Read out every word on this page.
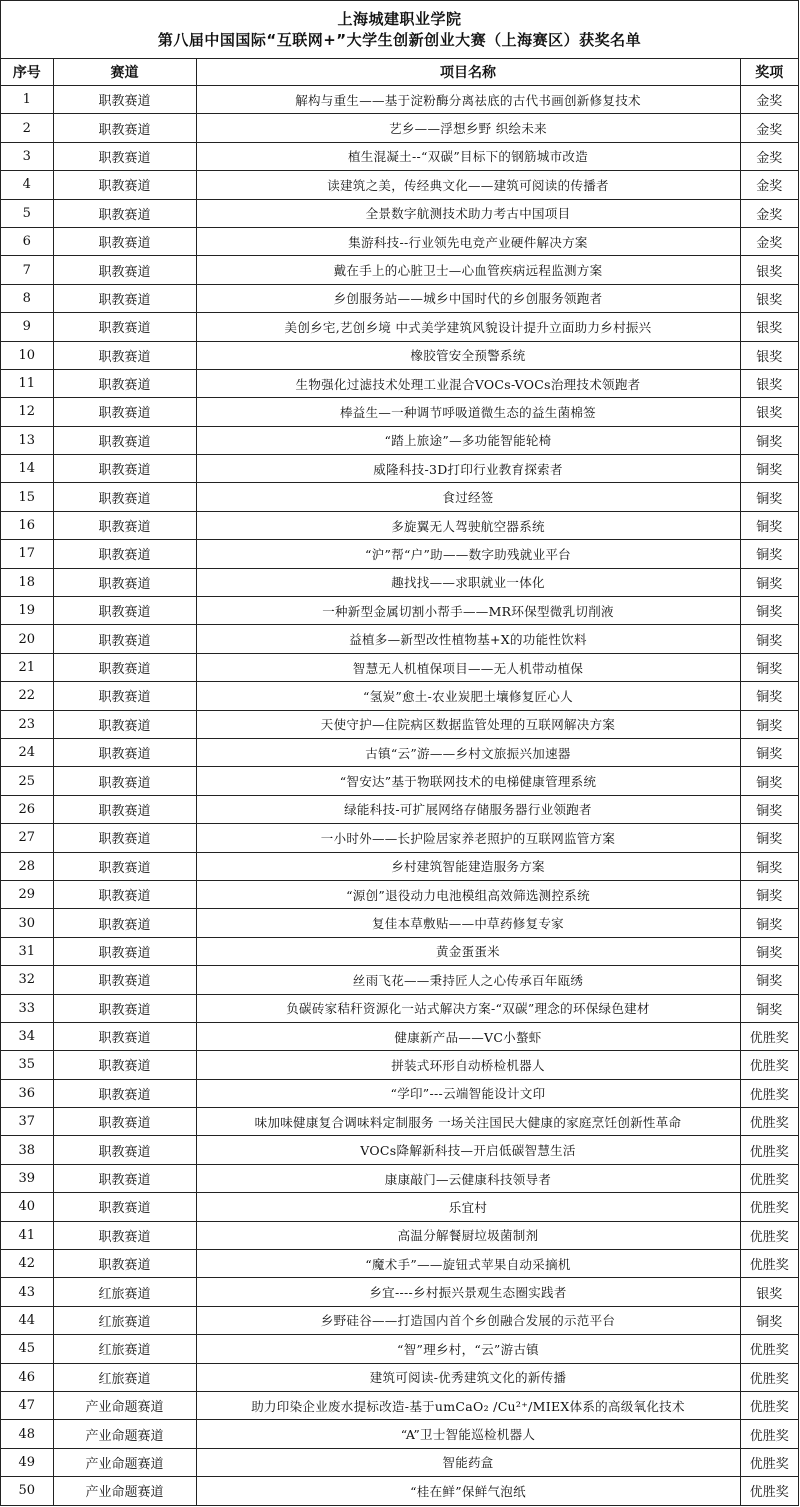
上海城建职业学院
第八届中国国际“互联网+”大学生创新创业大赛（上海赛区）获奖名单
序号	赛道	项目名称	奖项
1	职教赛道	解构与重生——基于淀粉酶分离祛底的古代书画创新修复技术	金奖
2	职教赛道	艺乡——浮想乡野 织绘未来	金奖
3	职教赛道	植生混凝土--“双碳”目标下的钢筋城市改造	金奖
4	职教赛道	读建筑之美，传经典文化——建筑可阅读的传播者	金奖
5	职教赛道	全景数字航测技术助力考古中国项目	金奖
6	职教赛道	集游科技--行业领先电竞产业硬件解决方案	金奖
7	职教赛道	戴在手上的心脏卫士—心血管疾病远程监测方案	银奖
8	职教赛道	乡创服务站——城乡中国时代的乡创服务领跑者	银奖
9	职教赛道	美创乡宅,艺创乡境 中式美学建筑风貌设计提升立面助力乡村振兴	银奖
10	职教赛道	橡胶管安全预警系统	银奖
11	职教赛道	生物强化过滤技术处理工业混合VOCs-VOCs治理技术领跑者	银奖
12	职教赛道	棒益生—一种调节呼吸道微生态的益生菌棉签	银奖
13	职教赛道	“踏上旅途”—多功能智能轮椅	铜奖
14	职教赛道	威隆科技-3D打印行业教育探索者	铜奖
15	职教赛道	食过经签	铜奖
16	职教赛道	多旋翼无人驾驶航空器系统	铜奖
17	职教赛道	“沪”帮“户”助——数字助残就业平台	铜奖
18	职教赛道	趣找找——求职就业一体化	铜奖
19	职教赛道	一种新型金属切割小帮手——MR环保型微乳切削液	铜奖
20	职教赛道	益植多—新型改性植物基+X的功能性饮料	铜奖
21	职教赛道	智慧无人机植保项目——无人机带动植保	铜奖
22	职教赛道	“氢炭”愈土-农业炭肥土壤修复匠心人	铜奖
23	职教赛道	天使守护—住院病区数据监管处理的互联网解决方案	铜奖
24	职教赛道	古镇“云”游——乡村文旅振兴加速器	铜奖
25	职教赛道	“智安达”基于物联网技术的电梯健康管理系统	铜奖
26	职教赛道	绿能科技-可扩展网络存储服务器行业领跑者	铜奖
27	职教赛道	一小时外——长护险居家养老照护的互联网监管方案	铜奖
28	职教赛道	乡村建筑智能建造服务方案	铜奖
29	职教赛道	“源创”退役动力电池模组高效筛选测控系统	铜奖
30	职教赛道	复佳本草敷贴——中草药修复专家	铜奖
31	职教赛道	黄金蛋蛋米	铜奖
32	职教赛道	丝雨飞花——秉持匠人之心传承百年瓯绣	铜奖
33	职教赛道	负碳砖家秸秆资源化一站式解决方案-“双碳”理念的环保绿色建材	铜奖
34	职教赛道	健康新产品——VC小螯虾	优胜奖
35	职教赛道	拼装式环形自动桥检机器人	优胜奖
36	职教赛道	“学印”---云端智能设计文印	优胜奖
37	职教赛道	味加味健康复合调味料定制服务 一场关注国民大健康的家庭烹饪创新性革命	优胜奖
38	职教赛道	VOCs降解新科技—开启低碳智慧生活	优胜奖
39	职教赛道	康康敲门—云健康科技领导者	优胜奖
40	职教赛道	乐宜村	优胜奖
41	职教赛道	高温分解餐厨垃圾菌制剂	优胜奖
42	职教赛道	“魔术手”——旋钮式苹果自动采摘机	优胜奖
43	红旅赛道	乡宜----乡村振兴景观生态圈实践者	银奖
44	红旅赛道	乡野硅谷——打造国内首个乡创融合发展的示范平台	铜奖
45	红旅赛道	“智”理乡村，“云”游古镇	优胜奖
46	红旅赛道	建筑可阅读-优秀建筑文化的新传播	优胜奖
47	产业命题赛道	助力印染企业废水提标改造-基于umCaO₂ /Cu²⁺/MIEX体系的高级氧化技术	优胜奖
48	产业命题赛道	“A”卫士智能巡检机器人	优胜奖
49	产业命题赛道	智能药盒	优胜奖
50	产业命题赛道	“桂在鲜”保鲜气泡纸	优胜奖
